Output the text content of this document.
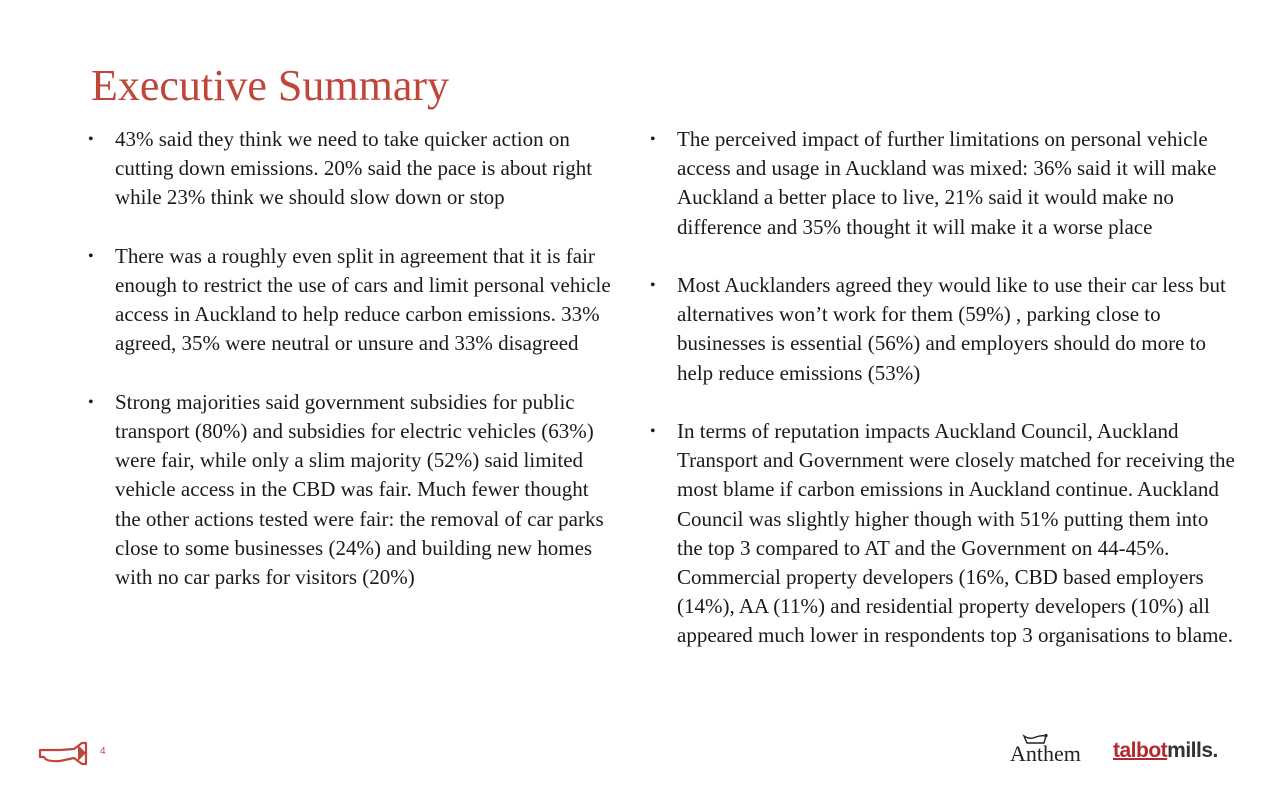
Executive Summary
• 43% said they think we need to take quicker action on cutting down emissions. 20% said the pace is about right while 23% think we should slow down or stop
• There was a roughly even split in agreement that it is fair enough to restrict the use of cars and limit personal vehicle access in Auckland to help reduce carbon emissions. 33% agreed, 35% were neutral or unsure and 33% disagreed
• Strong majorities said government subsidies for public transport (80%) and subsidies for electric vehicles (63%) were fair, while only a slim majority (52%) said limited vehicle access in the CBD was fair. Much fewer thought the other actions tested were fair: the removal of car parks close to some businesses (24%) and building new homes with no car parks for visitors (20%)
• The perceived impact of further limitations on personal vehicle access and usage in Auckland was mixed: 36% said it will make Auckland a better place to live, 21% said it would make no difference and 35% thought it will make it a worse place
• Most Aucklanders agreed they would like to use their car less but alternatives won’t work for them (59%) , parking close to businesses is essential (56%) and employers should do more to help reduce emissions (53%)
• In terms of reputation impacts Auckland Council, Auckland Transport and Government were closely matched for receiving the most blame if carbon emissions in Auckland continue. Auckland Council was slightly higher though with 51% putting them into the top 3 compared to AT and the Government on 44-45%. Commercial property developers (16%, CBD based employers (14%), AA (11%) and residential property developers (10%) all appeared much lower in respondents top 3 organisations to blame.
4	Anthem talbotmills.
